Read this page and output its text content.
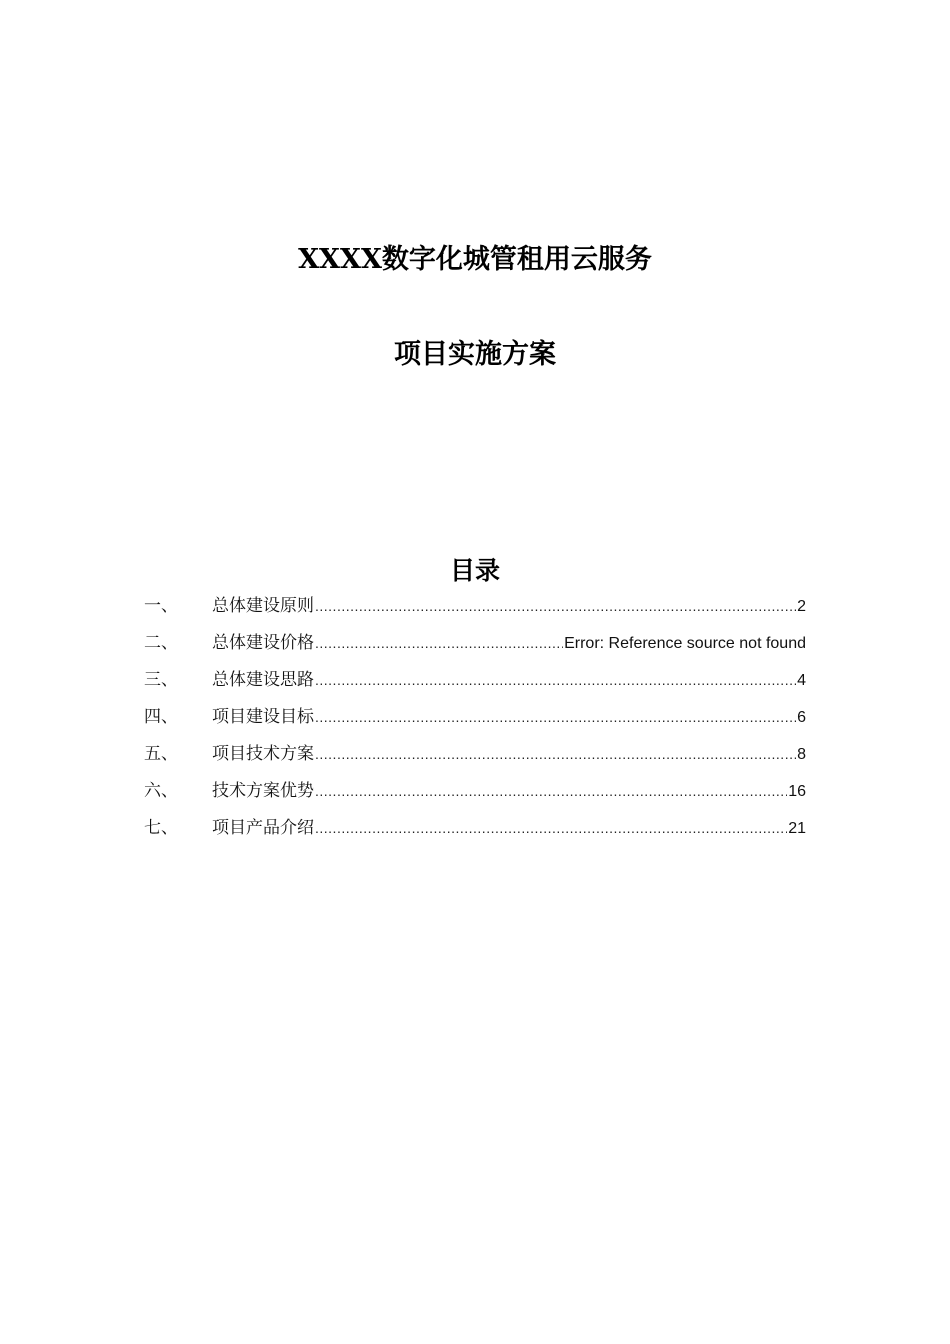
XXXX数字化城管租用云服务
项目实施方案
目录
一、	总体建设原则 .....	2
二、	总体建设价格 .....	Error: Reference source not found
三、	总体建设思路 .....	4
四、	项目建设目标 .....	6
五、	项目技术方案 .....	8
六、	技术方案优势 .....	16
七、	项目产品介绍 .....	21
